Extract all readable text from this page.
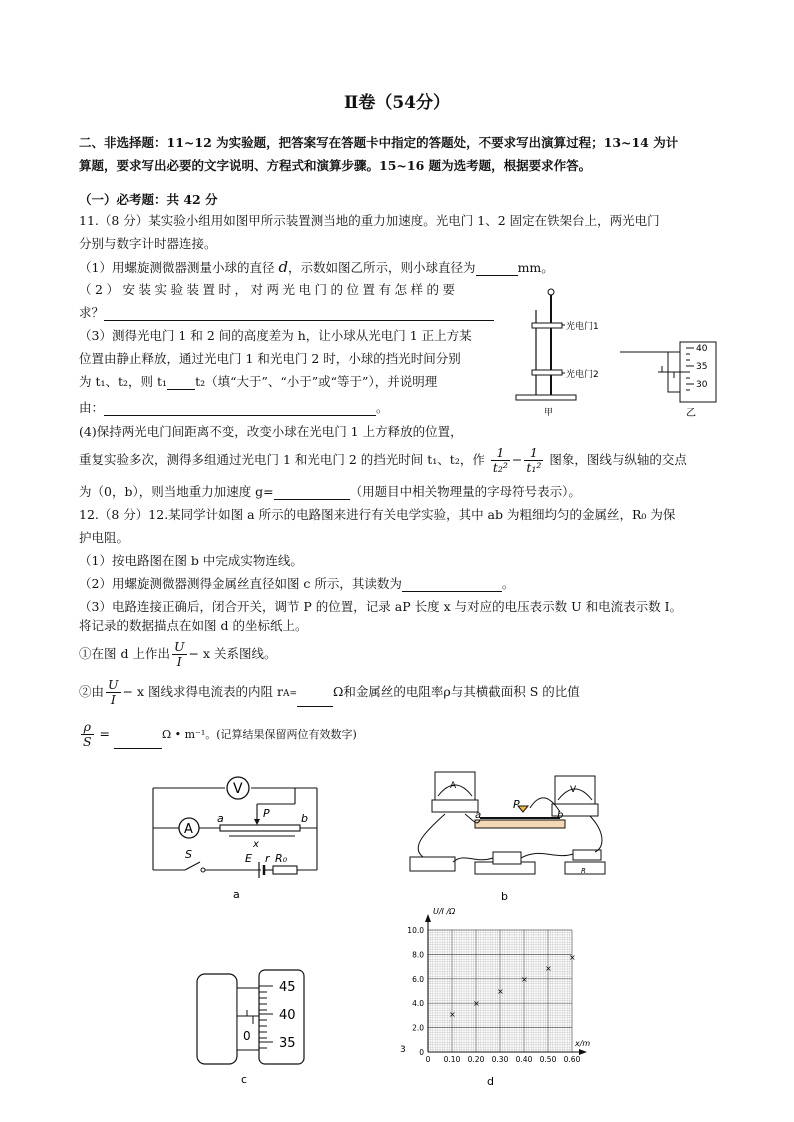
Ⅱ卷（54分）
二、非选择题：11~12 为实验题，把答案写在答题卡中指定的答题处，不要求写出演算过程；13~14 为计
算题，要求写出必要的文字说明、方程式和演算步骤。15~16 题为选考题，根据要求作答。
（一）必考题：共 42 分
11.（8 分）某实验小组用如图甲所示装置测当地的重力加速度。光电门 1、2 固定在铁架台上，两光电门
分别与数字计时器连接。
（1）用螺旋测微器测量小球的直径 d，示数如图乙所示，则小球直径为	mm。
（2）安装实验装置时，对两光电门的位置有怎样的要
求？
（3）测得光电门 1 和 2 间的高度差为 h，让小球从光电门 1 正上方某
位置由静止释放，通过光电门 1 和光电门 2 时，小球的挡光时间分别
为 t₁、t₂，则 t₁ t₂（填“大于”、“小于”或“等于”），并说明理
由：	。
(4)保持两光电门间距离不变，改变小球在光电门 1 上方释放的位置，
重复实验多次，测得多组通过光电门 1 和光电门 2 的挡光时间 t₁、t₂，作 $\frac{1}{\text{t₂²}} - \frac{1}{\text{t₁²}}$ 图象，图线与纵轴的交点
为（0，b），则当地重力加速度 g=	（用题目中相关物理量的字母符号表示）。
光电门1
光电门2
甲
40
35
30
乙
12.（8 分）12.某同学计如图 a 所示的电路图来进行有关电学实验，其中 ab 为粗细均匀的金属丝，R₀ 为保
护电阻。
（1）按电路图在图 b 中完成实物连线。
（2）用螺旋测微器测得金属丝直径如图 c 所示，其读数为	。
（3）电路连接正确后，闭合开关，调节 P 的位置，记录 aP 长度 x 与对应的电压表示数 U 和电流表示数 I。
将记录的数据描点在如图 d 的坐标纸上。
①在图 d 上作出 $\frac{U}{I} - x$ 关系图线。
②由 $\frac{U}{I} - x$ 图线求得电流表的内阻 rA=	Ω和金属丝的电阻率ρ与其横截面积 S 的比值
$\frac{\rho}{S}$ =	Ω • m⁻¹。(记算结果保留两位有效数字)
V
A
a	b
P
x
S	E r R₀
a
A	V
a
P
b
R
b
45
40
35
0
c
×
×
×
×
×
×
10.0
8.0
6.0
4.0
2.0
0
0 0.10 0.20 0.30 0.40 0.50 0.60
U/I /Ω
x/m
3
d
